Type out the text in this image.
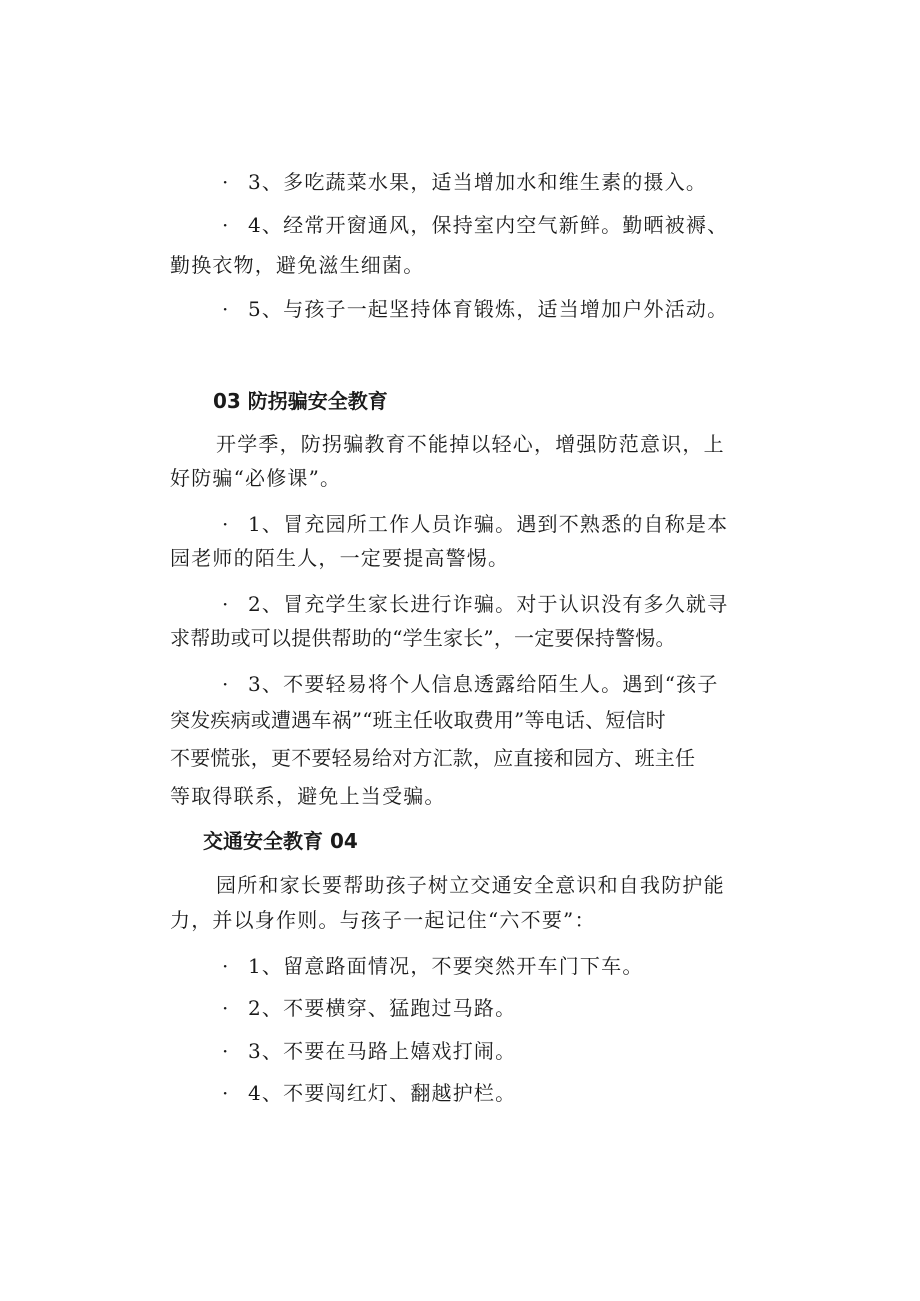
· 3、多吃蔬菜水果，适当增加水和维生素的摄入。
· 4、经常开窗通风，保持室内空气新鲜。勤晒被褥、
勤换衣物，避免滋生细菌。
· 5、与孩子一起坚持体育锻炼，适当增加户外活动。
03 防拐骗安全教育
开学季，防拐骗教育不能掉以轻心，增强防范意识，上
好防骗“必修课”。
· 1、冒充园所工作人员诈骗。遇到不熟悉的自称是本
园老师的陌生人，一定要提高警惕。
· 2、冒充学生家长进行诈骗。对于认识没有多久就寻
求帮助或可以提供帮助的“学生家长”，一定要保持警惕。
· 3、不要轻易将个人信息透露给陌生人。遇到“孩子
突发疾病或遭遇车祸”“班主任收取费用”等电话、短信时
不要慌张，更不要轻易给对方汇款，应直接和园方、班主任
等取得联系，避免上当受骗。
交通安全教育 04
园所和家长要帮助孩子树立交通安全意识和自我防护能
力，并以身作则。与孩子一起记住“六不要”：
· 1、留意路面情况，不要突然开车门下车。
· 2、不要横穿、猛跑过马路。
· 3、不要在马路上嬉戏打闹。
· 4、不要闯红灯、翻越护栏。
